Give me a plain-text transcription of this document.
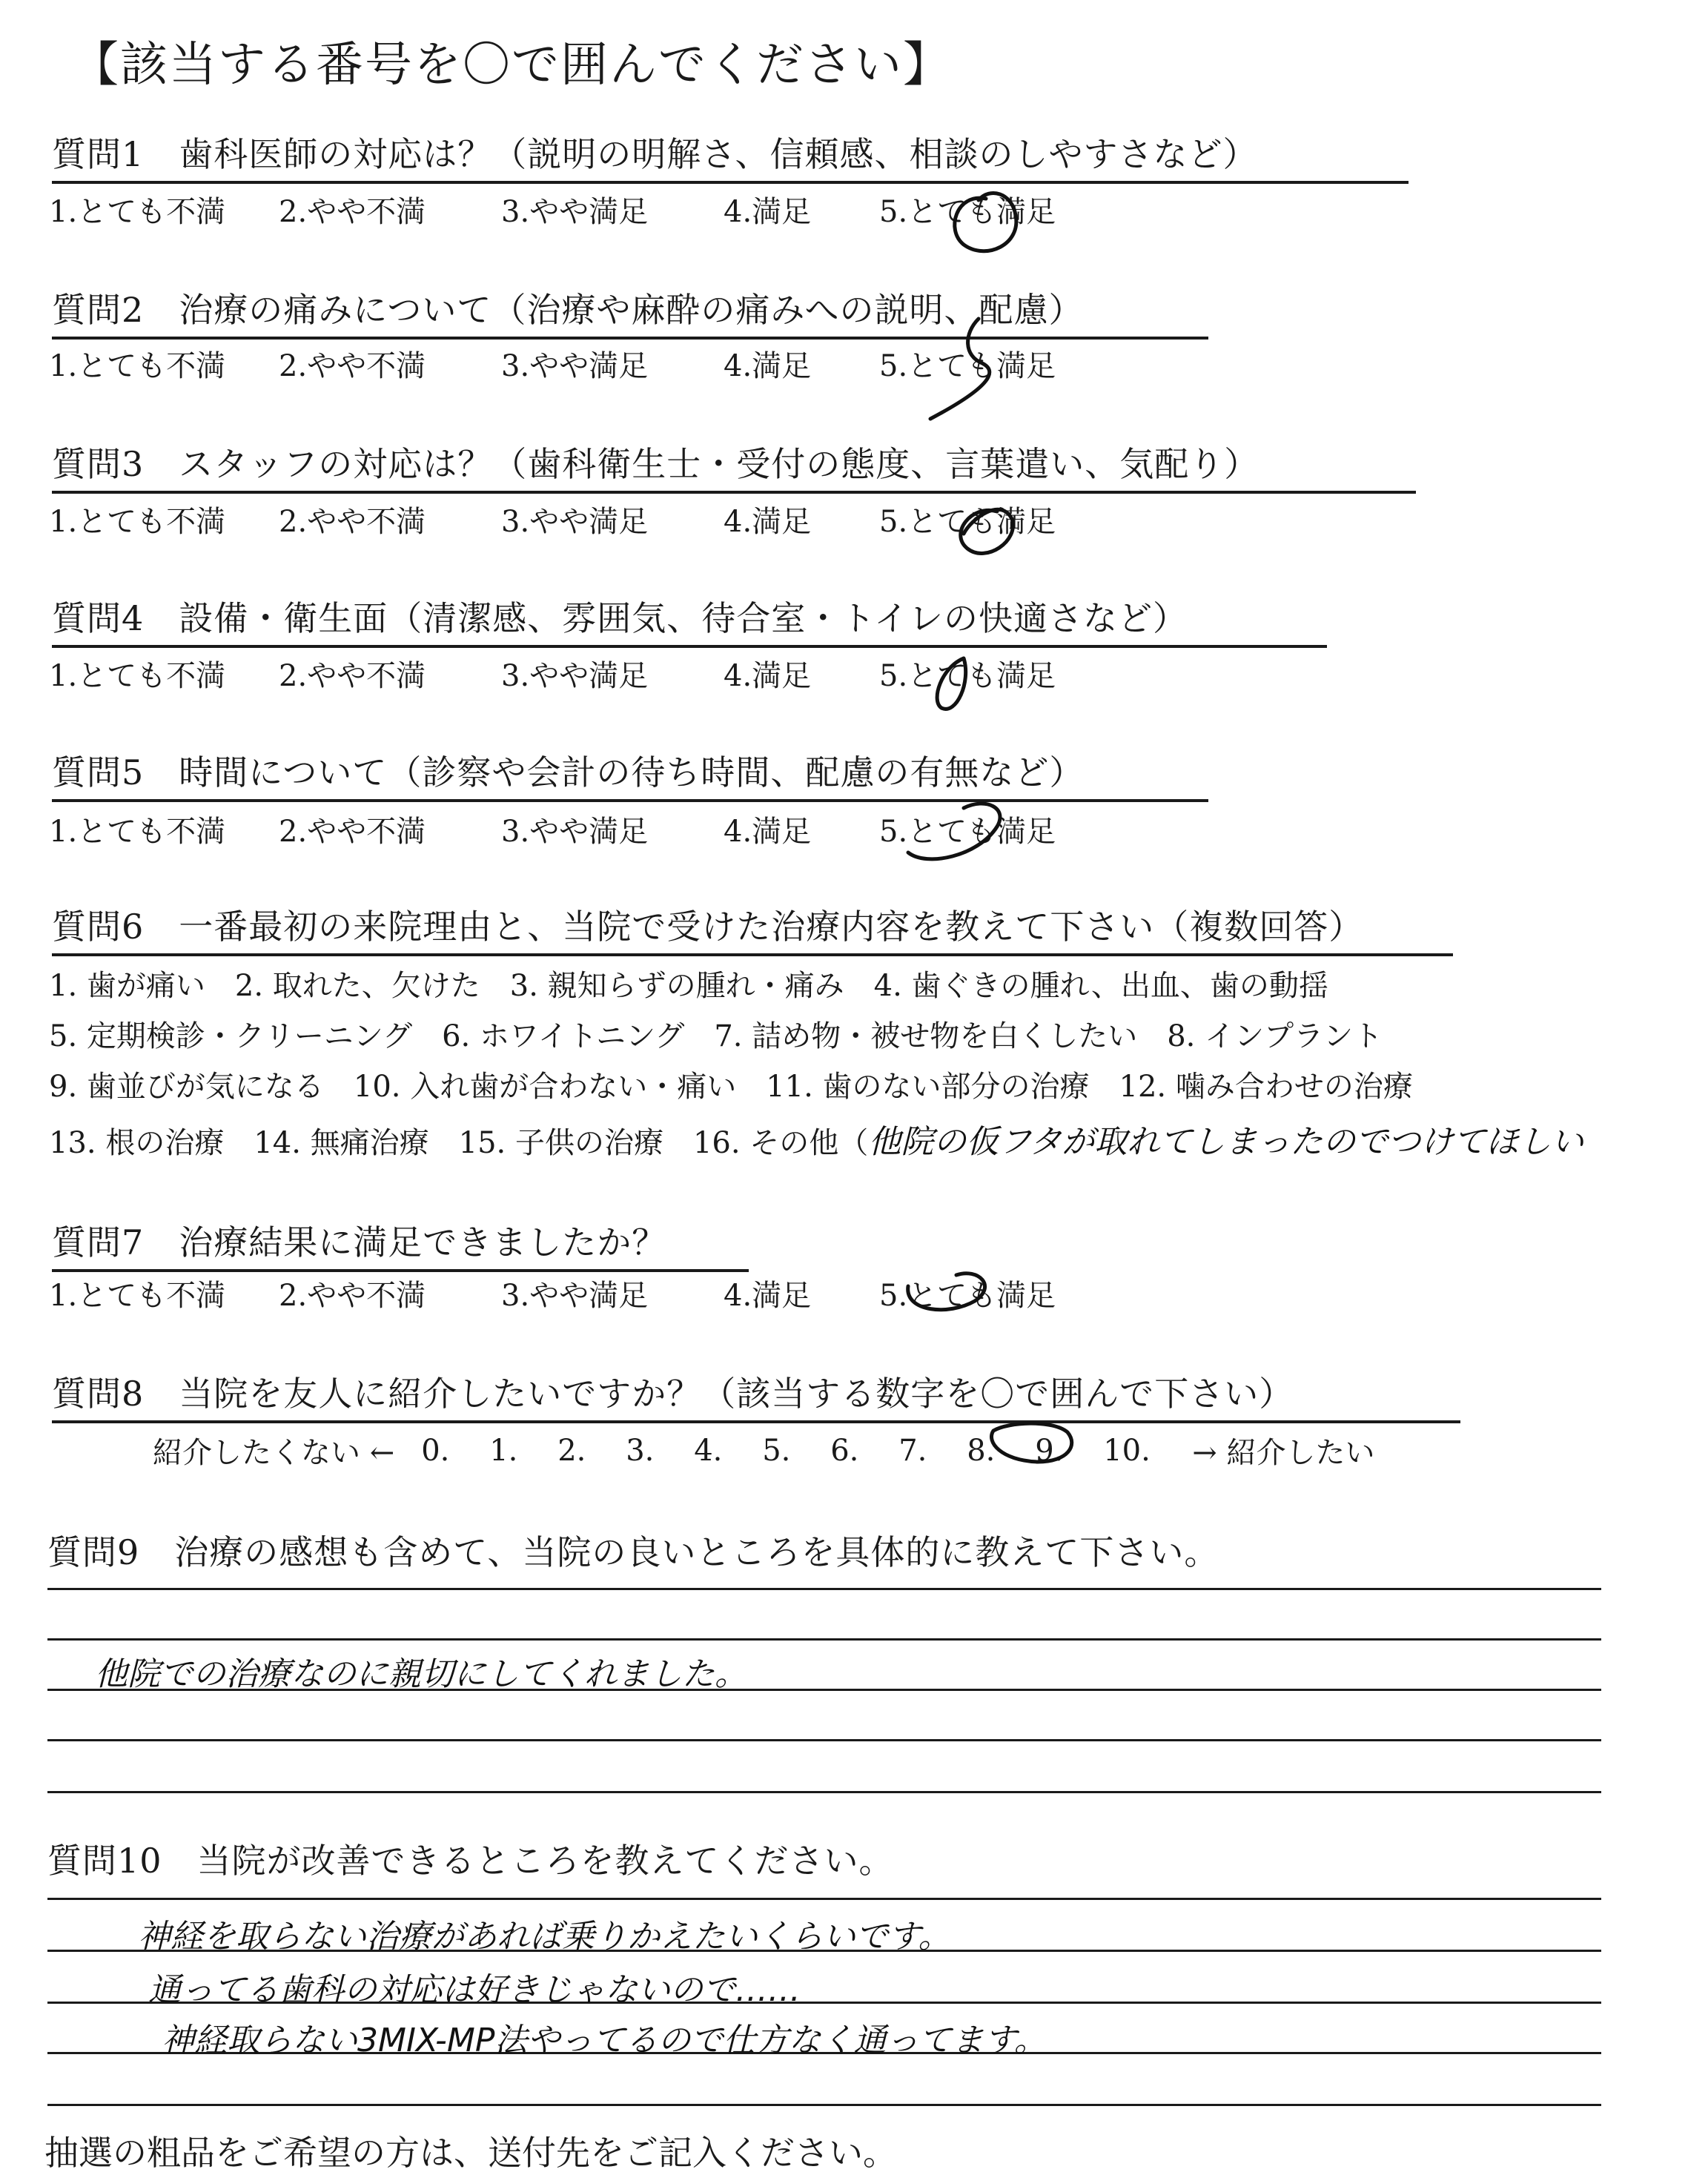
【該当する番号を〇で囲んでください】
質問1　 歯科医師の対応は？（説明の明解さ、信頼感、相談のしやすさなど）
1.とても不満	2.やや不満	3.やや満足	4.満足	5.とても満足
質問2　 治療の痛みについて（治療や麻酔の痛みへの説明、配慮）
1.とても不満	2.やや不満	3.やや満足	4.満足	5.とても満足
質問3　 スタッフの対応は？（歯科衛生士・受付の態度、言葉遣い、気配り）
1.とても不満	2.やや不満	3.やや満足	4.満足	5.とても満足
質問4　 設備・衛生面（清潔感、雰囲気、待合室・トイレの快適さなど）
1.とても不満	2.やや不満	3.やや満足	4.満足	5.とても満足
質問5　 時間について（診察や会計の待ち時間、配慮の有無など）
1.とても不満	2.やや不満	3.やや満足	4.満足	5.とても満足
質問6　 一番最初の来院理由と、当院で受けた治療内容を教えて下さい（複数回答）
1. 歯が痛い　2. 取れた、欠けた　3. 親知らずの腫れ・痛み　4. 歯ぐきの腫れ、出血、歯の動揺
5. 定期検診・クリーニング　6. ホワイトニング　7. 詰め物・被せ物を白くしたい　8. インプラント
9. 歯並びが気になる　10. 入れ歯が合わない・痛い　11. 歯のない部分の治療　12. 噛み合わせの治療
13. 根の治療　14. 無痛治療　15. 子供の治療　16. その他（他院の仮フタが取れてしまったのでつけてほしい
質問7　 治療結果に満足できましたか？
1.とても不満	2.やや不満	3.やや満足	4.満足	5.とても満足
質問8　 当院を友人に紹介したいですか？（該当する数字を〇で囲んで下さい）
紹介したくない ← 0.	1.	2.	3.	4.	5.	6.	7.	8.	9.	10.	→ 紹介したい
質問9　 治療の感想も含めて、当院の良いところを具体的に教えて下さい。
他院での治療なのに親切にしてくれました。
質問10　 当院が改善できるところを教えてください。
神経を取らない治療があれば乗りかえたいくらいです。
通ってる歯科の対応は好きじゃないので……
神経取らない3MIX-MP法やってるので仕方なく通ってます。
抽選の粗品をご希望の方は、送付先をご記入ください。
